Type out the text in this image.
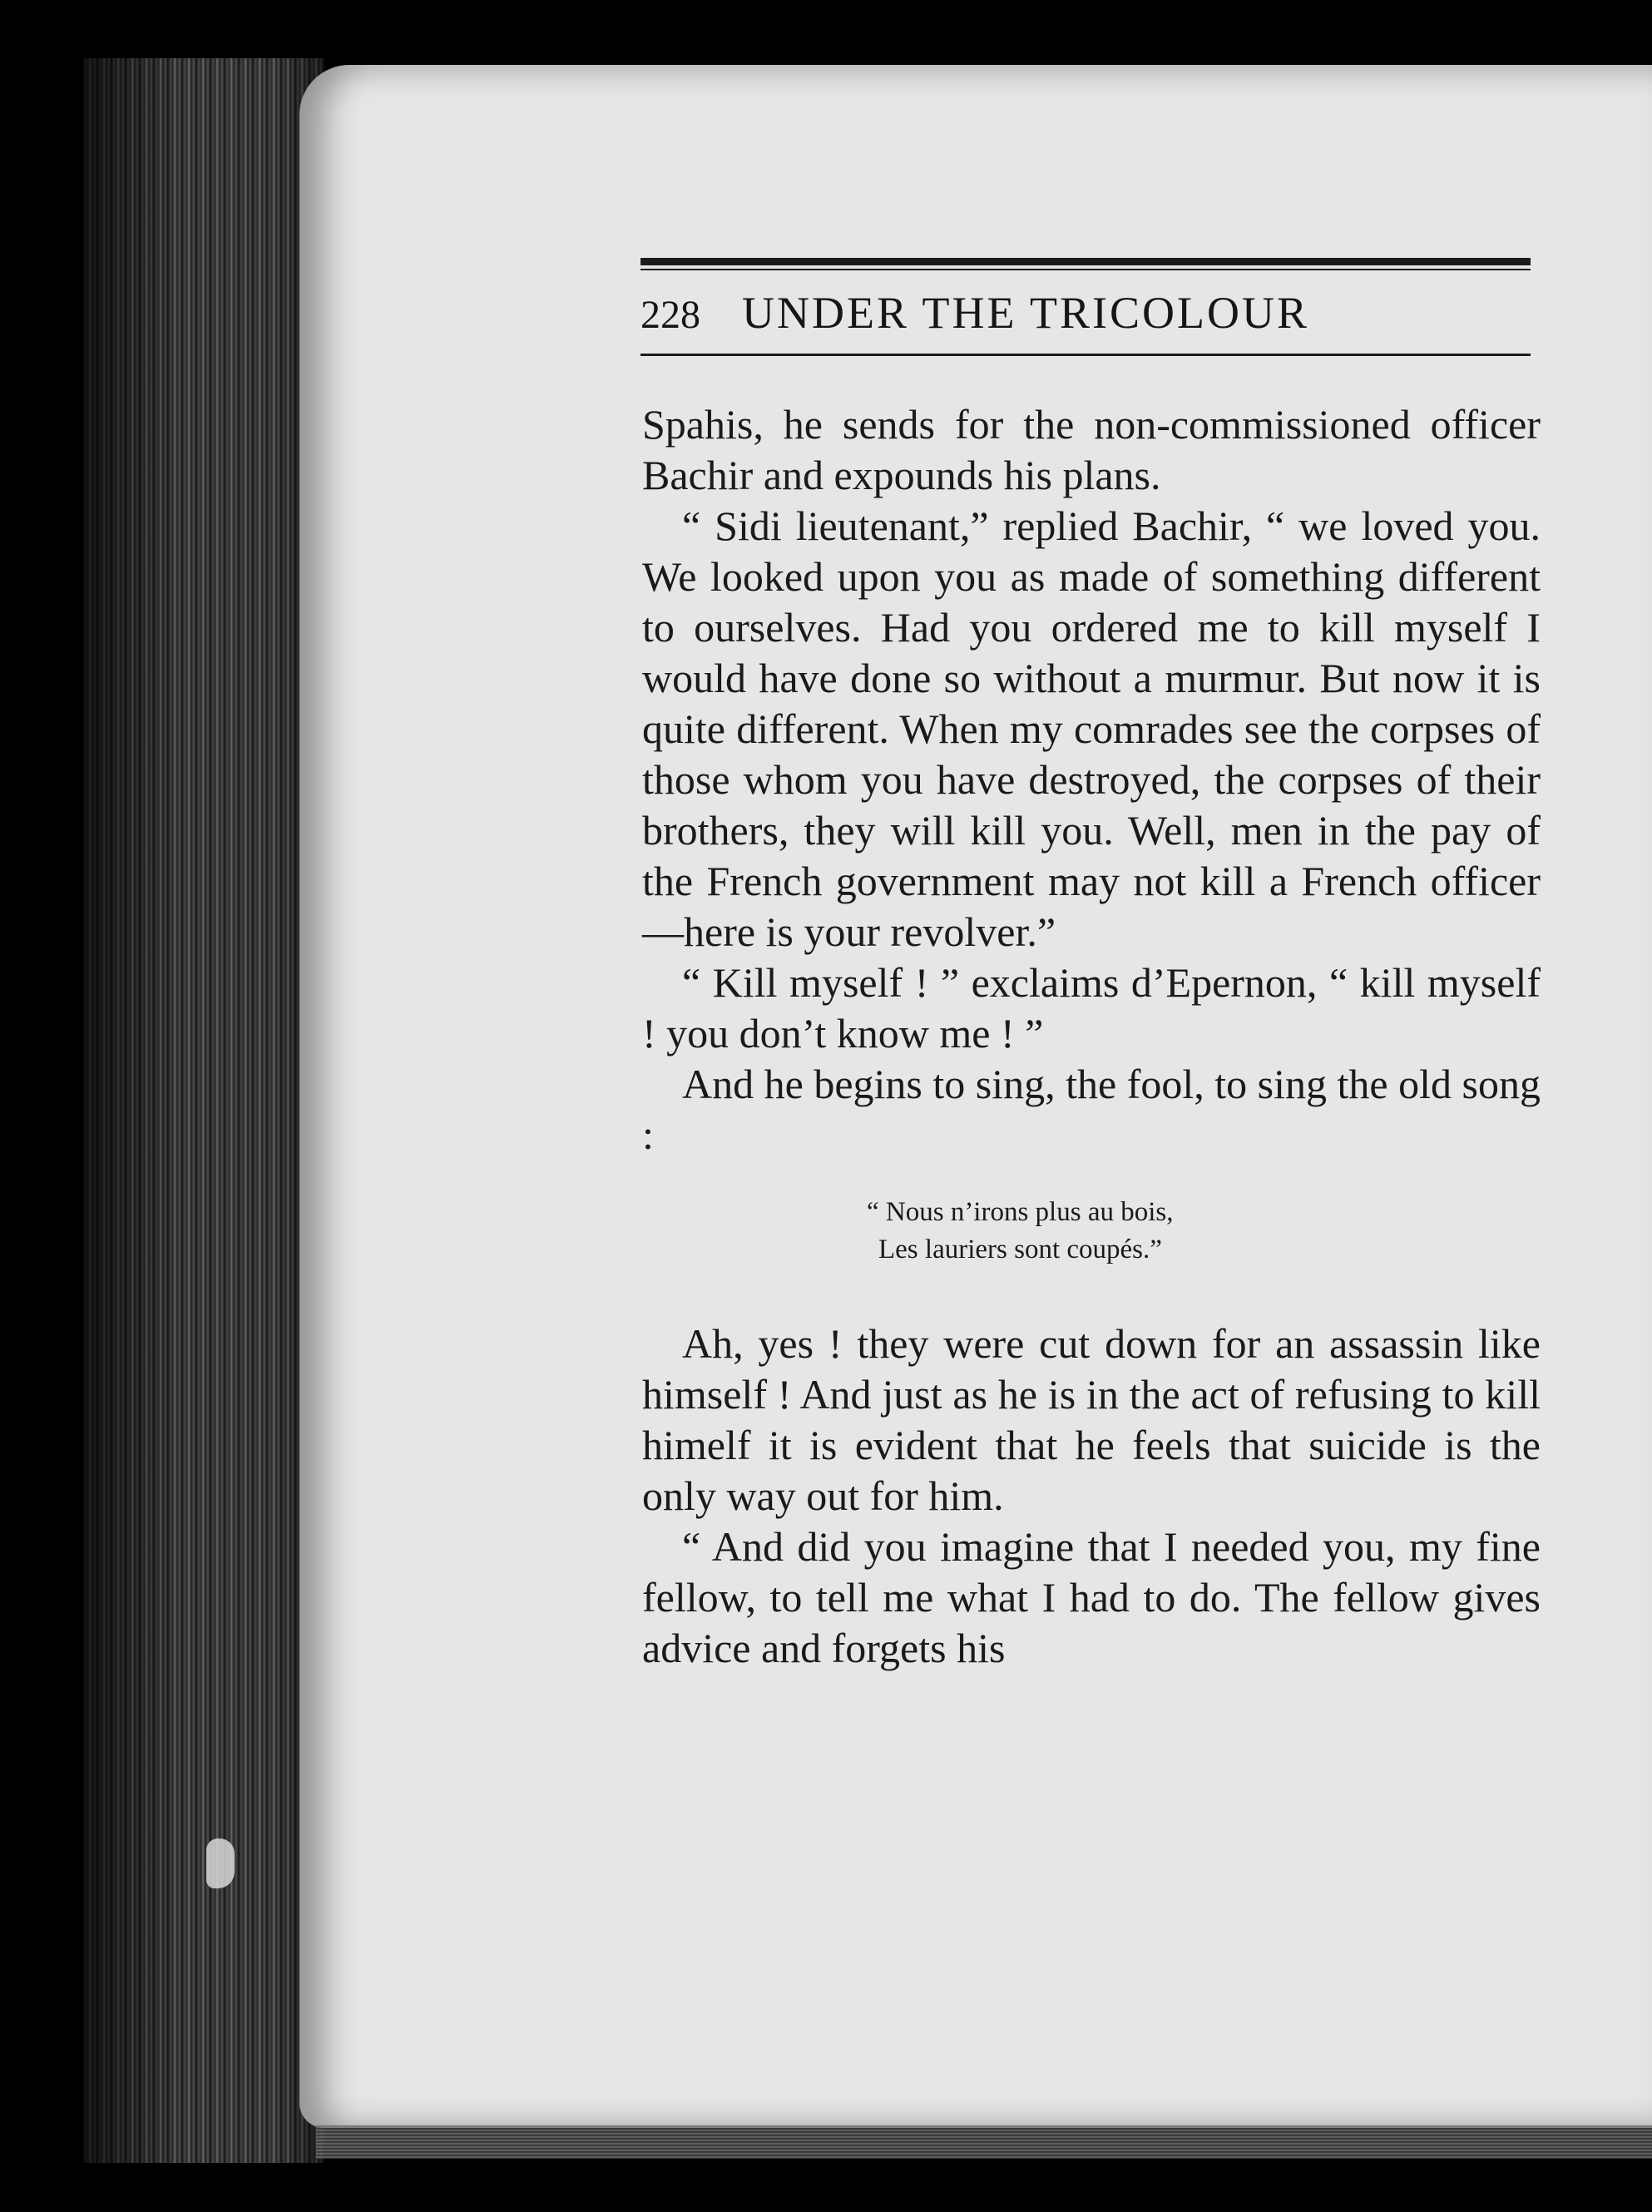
228 UNDER THE TRICOLOUR

Spahis, he sends for the non-commissioned officer Bachir and expounds his plans.

“ Sidi lieutenant,” replied Bachir, “ we loved you. We looked upon you as made of something different to ourselves. Had you ordered me to kill myself I would have done so without a murmur. But now it is quite different. When my comrades see the corpses of those whom you have destroyed, the corpses of their brothers, they will kill you. Well, men in the pay of the French government may not kill a French officer —here is your revolver.”

“ Kill myself ! ” exclaims d’Epernon, “ kill myself ! you don’t know me ! ”

And he begins to sing, the fool, to sing the old song :

“ Nous n’irons plus au bois,
Les lauriers sont coupés.”

Ah, yes ! they were cut down for an assassin like himself ! And just as he is in the act of refusing to kill himelf it is evident that he feels that suicide is the only way out for him.

“ And did you imagine that I needed you, my fine fellow, to tell me what I had to do. The fellow gives advice and forgets his
